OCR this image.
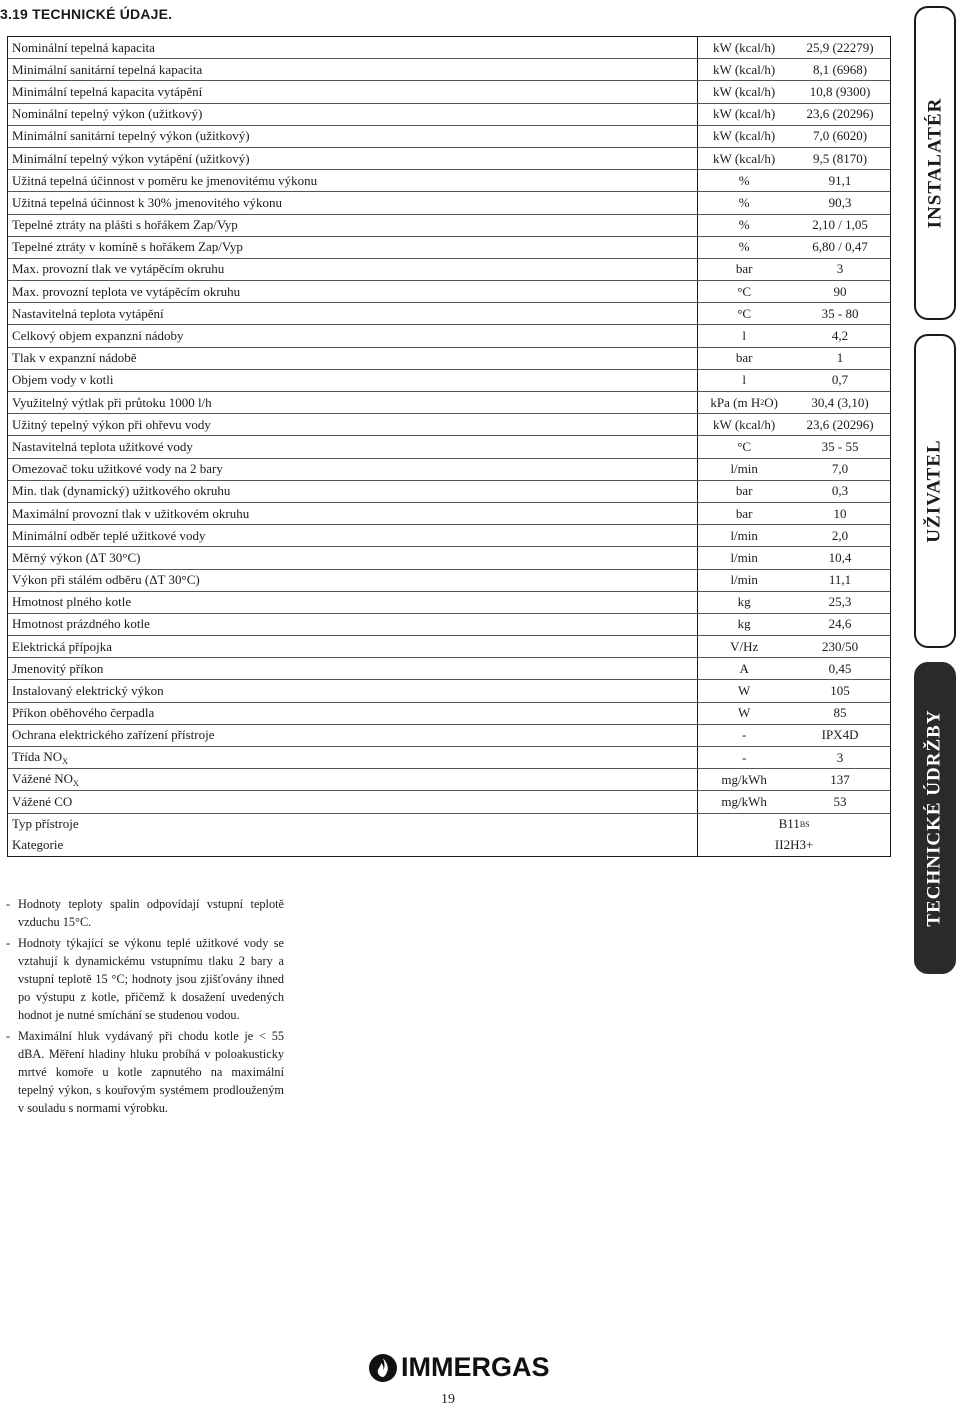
3.19 TECHNICKÉ ÚDAJE.
Nominální tepelná kapacita	kW (kcal/h)	25,9 (22279)
Minimální sanitární tepelná kapacita	kW (kcal/h)	8,1 (6968)
Minimální tepelná kapacita vytápění	kW (kcal/h)	10,8 (9300)
Nominální tepelný výkon (užitkový)	kW (kcal/h)	23,6 (20296)
Minimální sanitární tepelný výkon (užitkový)	kW (kcal/h)	7,0 (6020)
Minimální tepelný výkon vytápění (užitkový)	kW (kcal/h)	9,5 (8170)
Užitná tepelná účinnost v poměru ke jmenovitému výkonu	%	91,1
Užitná tepelná účinnost k 30% jmenovitého výkonu	%	90,3
Tepelné ztráty na plášti s hořákem Zap/Vyp	%	2,10 / 1,05
Tepelné ztráty v komíně s hořákem Zap/Vyp	%	6,80 / 0,47
Max. provozní tlak ve vytápěcím okruhu	bar	3
Max. provozní teplota ve vytápěcím okruhu	°C	90
Nastavitelná teplota vytápění	°C	35 - 80
Celkový objem expanzní nádoby	l	4,2
Tlak v expanzní nádobě	bar	1
Objem vody v kotli	l	0,7
Využitelný výtlak při průtoku 1000 l/h	kPa (m H 2 O)	30,4 (3,10)
Užitný tepelný výkon při ohřevu vody	kW (kcal/h)	23,6 (20296)
Nastavitelná teplota užitkové vody	°C	35 - 55
Omezovač toku užitkové vody na 2 bary	l/min	7,0
Min. tlak (dynamický) užitkového okruhu	bar	0,3
Maximální provozní tlak v užitkovém okruhu	bar	10
Minimální odběr teplé užitkové vody	l/min	2,0
Měrný výkon (ΔT 30°C)	l/min	10,4
Výkon při stálém odběru (ΔT 30°C)	l/min	11,1
Hmotnost plného kotle	kg	25,3
Hmotnost prázdného kotle	kg	24,6
Elektrická přípojka	V/Hz	230/50
Jmenovitý příkon	A	0,45
Instalovaný elektrický výkon	W	105
Příkon oběhového čerpadla	W	85
Ochrana elektrického zařízení přístroje	-	IPX4D
Třída $NO_X$	-	3
Vážené $NO_X$	mg/kWh	137
Vážené CO	mg/kWh	53
Typ přístroje	B11 BS
Kategorie	II2H3+
- Hodnoty teploty spalin odpovídají vstupní teplotě vzduchu 15°C.
- Hodnoty týkající se výkonu teplé užitkové vody se vztahují k dynamickému vstupnímu tlaku 2 bary a vstupní teplotě 15 °C; hodnoty jsou zjišťovány ihned po výstupu z kotle, přičemž k dosažení uvedených hodnot je nutné smíchání se studenou vodou.
- Maximální hluk vydávaný při chodu kotle je < 55 dBA. Měření hladiny hluku probíhá v poloakusticky mrtvé komoře u kotle zapnutého na maximální tepelný výkon, s kouřovým systémem prodlouženým v souladu s normami výrobku.
INSTALATÉR
UŽIVATEL
TECHNICKÉ ÚDRŽBY
IMMERGAS
19
